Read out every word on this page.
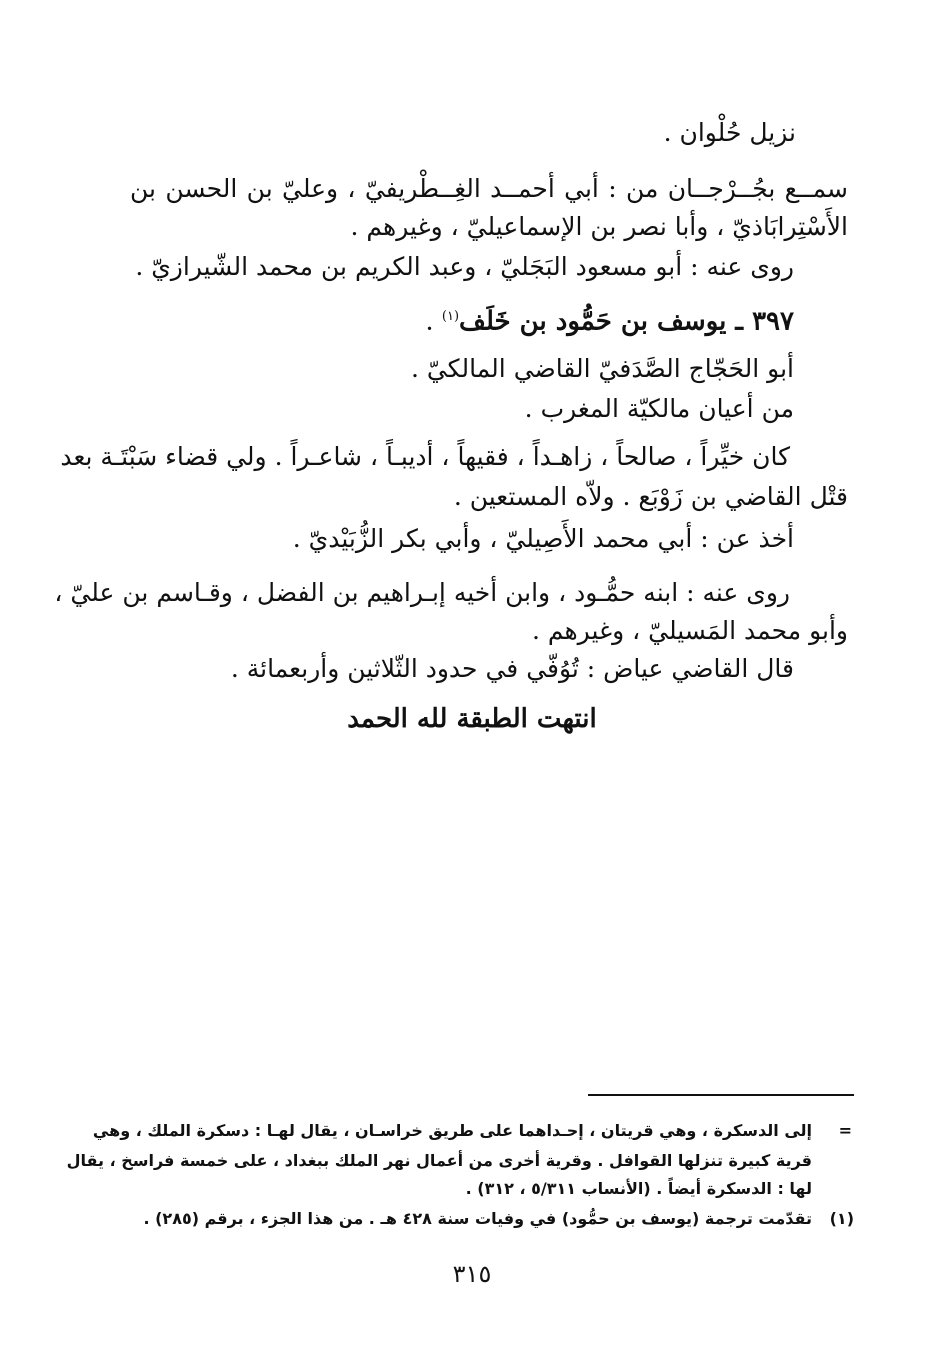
نزيل حُلْوان .
سمــع بجُــرْجــان من : أبي أحمــد الغِــطْريفيّ ، وعليّ بن الحسن بن
الأَسْتِرابَاذيّ ، وأبا نصر بن الإسماعيليّ ، وغيرهم .
روى عنه : أبو مسعود البَجَليّ ، وعبد الكريم بن محمد الشّيرازيّ .
٣٩٧ ـ يوسف بن حَمُّود بن خَلَف$^{(١)}$ .
أبو الحَجّاج الصَّدَفيّ القاضي المالكيّ .
من أعيان مالكيّة المغرب .
كان خيِّراً ، صالحاً ، زاهـداً ، فقيهاً ، أديبـاً ، شاعـراً . ولي قضاء سَبْتَـة بعد
قتْل القاضي بن زَوْبَع . ولاّه المستعين .
أخذ عن : أبي محمد الأَصِيليّ ، وأبي بكر الزُّبَيْديّ .
روى عنه : ابنه حمُّـود ، وابن أخيه إبـراهيم بن الفضل ، وقـاسم بن عليّ ،
وأبو محمد المَسيليّ ، وغيرهم .
قال القاضي عياض : تُوُفّي في حدود الثّلاثين وأربعمائة .
انتهت الطبقة لله الحمد
=
إلى الدسكرة ، وهي قريتان ، إحـداهما على طريق خراسـان ، يقال لهـا : دسكرة الملك ، وهي
قرية كبيرة تنزلها القوافل . وقرية أخرى من أعمال نهر الملك ببغداد ، على خمسة فراسخ ، يقال
لها : الدسكرة أيضاً . (الأنساب ٥/٣١١ ، ٣١٢) .
(١)
تقدّمت ترجمة (يوسف بن حمُّود) في وفيات سنة ٤٢٨ هـ . من هذا الجزء ، برقم (٢٨٥) .
٣١٥
